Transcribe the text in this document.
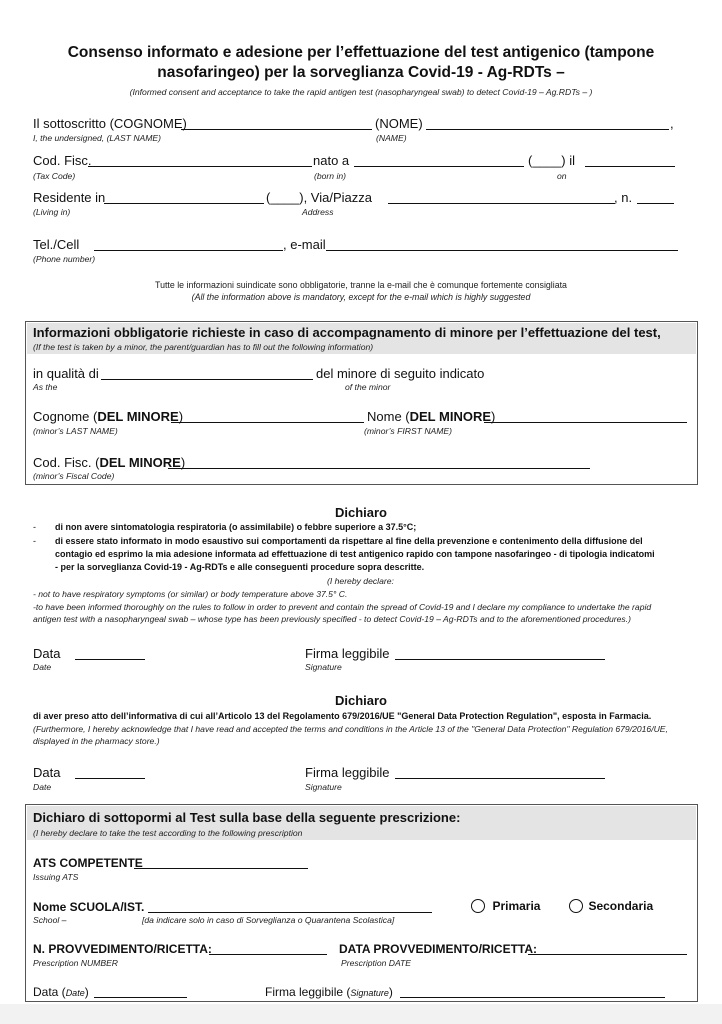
Consenso informato e adesione per l’effettuazione del test antigenico (tampone
nasofaringeo) per la sorveglianza Covid-19 - Ag-RDTs –
(Informed consent and acceptance to take the rapid antigen test (nasopharyngeal swab) to detect Covid-19 – Ag.RDTs – )
Il sottoscritto (COGNOME)	(NOME)	,
I, the undersigned, (LAST NAME)	(NAME)
Cod. Fisc.	nato a	(____) il
(Tax Code)	(born in)	on
Residente in	(____), Via/Piazza	, n.
(Living in)	Address
Tel./Cell	, e-mail
(Phone number)
Tutte le informazioni suindicate sono obbligatorie, tranne la e-mail che è comunque fortemente consigliata
(All the information above is mandatory, except for the e-mail which is highly suggested
Informazioni obbligatorie richieste in caso di accompagnamento di minore per l’effettuazione del test,
(If the test is taken by a minor, the parent/guardian has to fill out the following information)
in qualità di	del minore di seguito indicato
As the	of the minor
Cognome (DEL MINORE)	Nome (DEL MINORE)
(minor’s LAST NAME)	(minor’s FIRST NAME)
Cod. Fisc. (DEL MINORE)
(minor’s Fiscal Code)
Dichiaro
- di non avere sintomatologia respiratoria (o assimilabile) o febbre superiore a 37.5°C;
- di essere stato informato in modo esaustivo sui comportamenti da rispettare al fine della prevenzione e contenimento della diffusione del
contagio ed esprimo la mia adesione informata ad effettuazione di test antigenico rapido con tampone nasofaringeo - di tipologia indicatomi
- per la sorveglianza Covid-19 - Ag-RDTs e alle conseguenti procedure sopra descritte.
(I hereby declare:
- not to have respiratory symptoms (or similar) or body temperature above 37.5° C.
-to have been informed thoroughly on the rules to follow in order to prevent and contain the spread of Covid-19 and I declare my compliance to undertake the rapid
antigen test with a nasopharyngeal swab – whose type has been previously specified - to detect Covid-19 – Ag-RDTs and to the aforementioned procedures.)
Data	Firma leggibile
Date	Signature
Dichiaro
di aver preso atto dell’informativa di cui all’Articolo 13 del Regolamento 679/2016/UE "General Data Protection Regulation", esposta in Farmacia.
(Furthermore, I hereby acknowledge that I have read and accepted the terms and conditions in the Article 13 of the "General Data Protection" Regulation 679/2016/UE,
displayed in the pharmacy store.)
Data	Firma leggibile
Date	Signature
Dichiaro di sottopormi al Test sulla base della seguente prescrizione:
(I hereby declare to take the test according to the following prescription
ATS COMPETENTE
Issuing ATS
Nome SCUOLA/IST.
School –	[da indicare solo in caso di Sorveglianza o Quarantena Scolastica]
$^{Primaria}$	$^{Secondaria}$
N. PROVVEDIMENTO/RICETTA:	DATA PROVVEDIMENTO/RICETTA:
Prescription NUMBER	Prescription DATE
Data (Date)	Firma leggibile (Signature)
